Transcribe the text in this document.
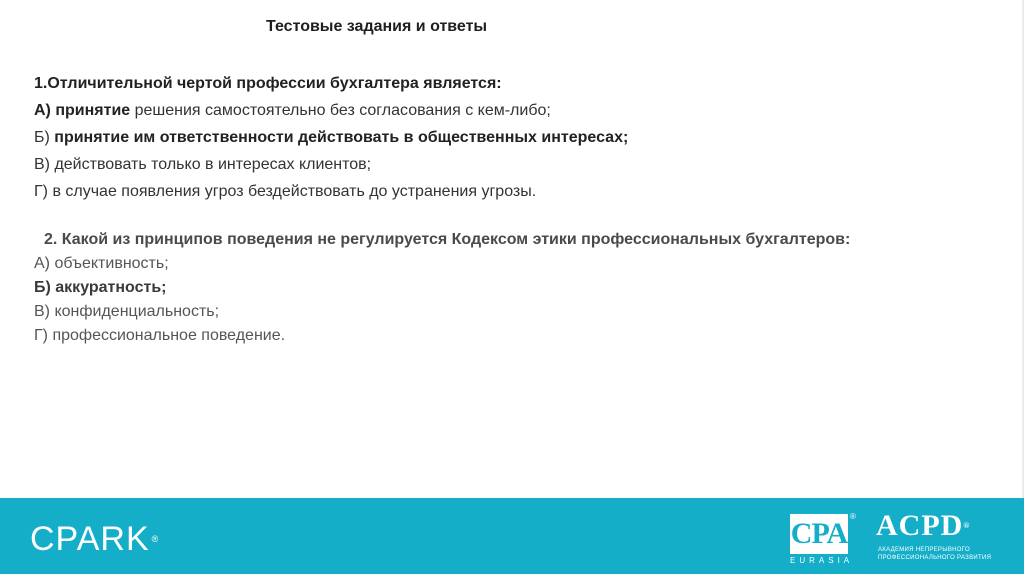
Тестовые задания и ответы
1.Отличительной чертой профессии бухгалтера является:
А) принятие решения самостоятельно без согласования с кем-либо;
Б) принятие им ответственности действовать в общественных интересах;
В) действовать только в интересах клиентов;
Г) в случае появления угроз бездействовать до устранения угрозы.
2. Какой из принципов поведения не регулируется Кодексом этики профессиональных бухгалтеров:
А) объективность;
Б) аккуратность;
В) конфиденциальность;
Г) профессиональное поведение.
CPARK ®	CPA
EURASIA
® ACPD®
АКАДЕМИЯ НЕПРЕРЫВНОГО
ПРОФЕССИОНАЛЬНОГО РАЗВИТИЯ
